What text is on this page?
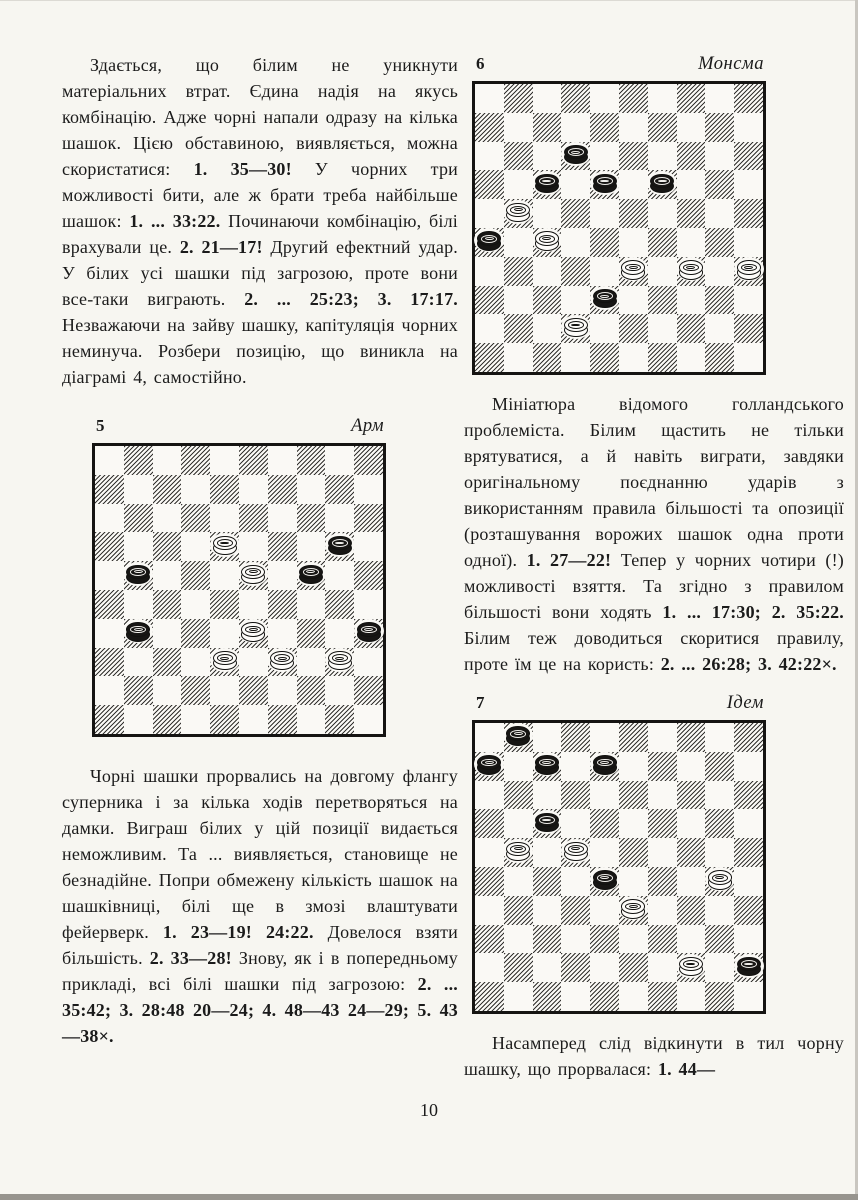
Здається, що білим не уникнути матеріальних втрат. Єдина надія на якусь комбінацію. Адже чорні напали одразу на кілька шашок. Цією обставиною, виявляється, можна скористатися: 1. 35—30! У чорних три можливості бити, але ж брати треба найбільше шашок: 1. ... 33:22. Починаючи комбінацію, білі врахували це. 2. 21—17! Другий ефектний удар. У білих усі шашки під загрозою, проте вони все-таки виграють. 2. ... 25:23; 3. 17:17. Незважаючи на зайву шашку, капітуляція чорних неминуча. Розбери позицію, що виникла на діаграмі 4, самостійно.

5	Арм

Чорні шашки прорвались на довгому флангу суперника і за кілька ходів перетворяться на дамки. Виграш білих у цій позиції видається неможливим. Та ... виявляється, становище не безнадійне. Попри обмежену кількість шашок на шашківниці, білі ще в змозі влаштувати фейерверк. 1. 23—19! 24:22. Довелося взяти більшість. 2. 33—28! Знову, як і в попередньому прикладі, всі білі шашки під загрозою: 2. ... 35:42; 3. 28:48 20—24; 4. 48—43 24—29; 5. 43—38×.

6	Монсма

Мініатюра відомого голландського проблеміста. Білим щастить не тільки врятуватися, а й навіть виграти, завдяки оригінальному поєднанню ударів з використанням правила більшості та опозиції (розташування ворожих шашок одна проти одної). 1. 27—22! Тепер у чорних чотири (!) можливості взяття. Та згідно з правилом більшості вони ходять 1. ... 17:30; 2. 35:22. Білим теж доводиться скоритися правилу, проте їм це на користь: 2. ... 26:28; 3. 42:22×.

7	Ідем

Насамперед слід відкинути в тил чорну шашку, що прорвалася: 1. 44—

10
